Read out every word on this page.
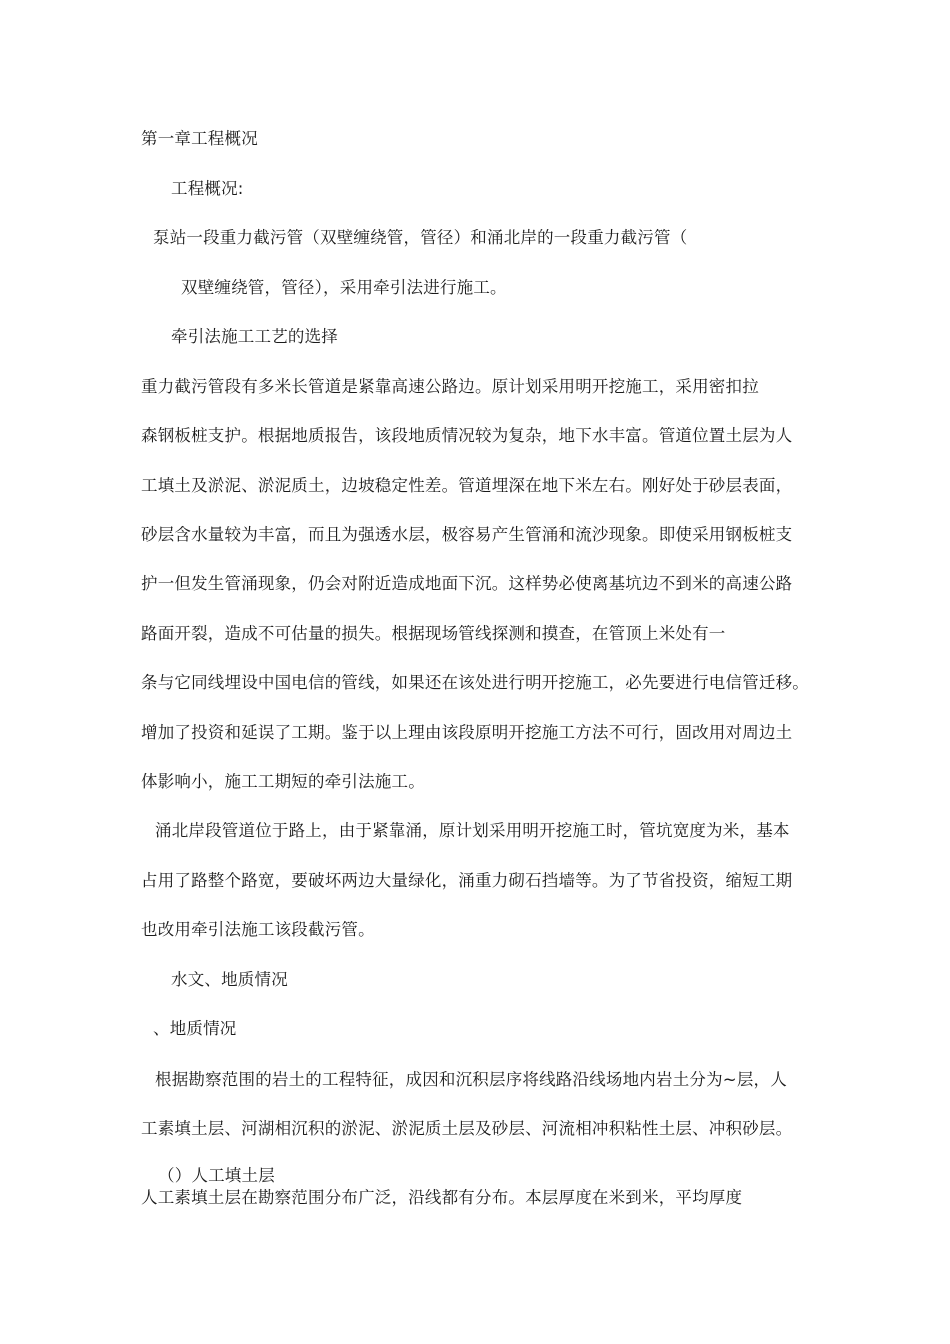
第一章工程概况
工程概况:
泵站一段重力截污管（双壁缠绕管，管径）和涌北岸的一段重力截污管（
双壁缠绕管，管径），采用牵引法进行施工。
牵引法施工工艺的选择
重力截污管段有多米长管道是紧靠高速公路边。原计划采用明开挖施工，采用密扣拉
森钢板桩支护。根据地质报告，该段地质情况较为复杂，地下水丰富。管道位置土层为人
工填土及淤泥、淤泥质土，边坡稳定性差。管道埋深在地下米左右。刚好处于砂层表面，
砂层含水量较为丰富，而且为强透水层，极容易产生管涌和流沙现象。即使采用钢板桩支
护一但发生管涌现象，仍会对附近造成地面下沉。这样势必使离基坑边不到米的高速公路
路面开裂，造成不可估量的损失。根据现场管线探测和摸查，在管顶上米处有一
条与它同线埋设中国电信的管线，如果还在该处进行明开挖施工，必先要进行电信管迁移。
增加了投资和延误了工期。鉴于以上理由该段原明开挖施工方法不可行，固改用对周边土
体影响小，施工工期短的牵引法施工。
涌北岸段管道位于路上，由于紧靠涌，原计划采用明开挖施工时，管坑宽度为米，基本
占用了路整个路宽，要破坏两边大量绿化，涌重力砌石挡墙等。为了节省投资，缩短工期
也改用牵引法施工该段截污管。
水文、地质情况
、地质情况
根据勘察范围的岩土的工程特征，成因和沉积层序将线路沿线场地内岩土分为~层，人
工素填土层、河湖相沉积的淤泥、淤泥质土层及砂层、河流相冲积粘性土层、冲积砂层。
（）人工填土层
人工素填土层在勘察范围分布广泛，沿线都有分布。本层厚度在米到米，平均厚度
